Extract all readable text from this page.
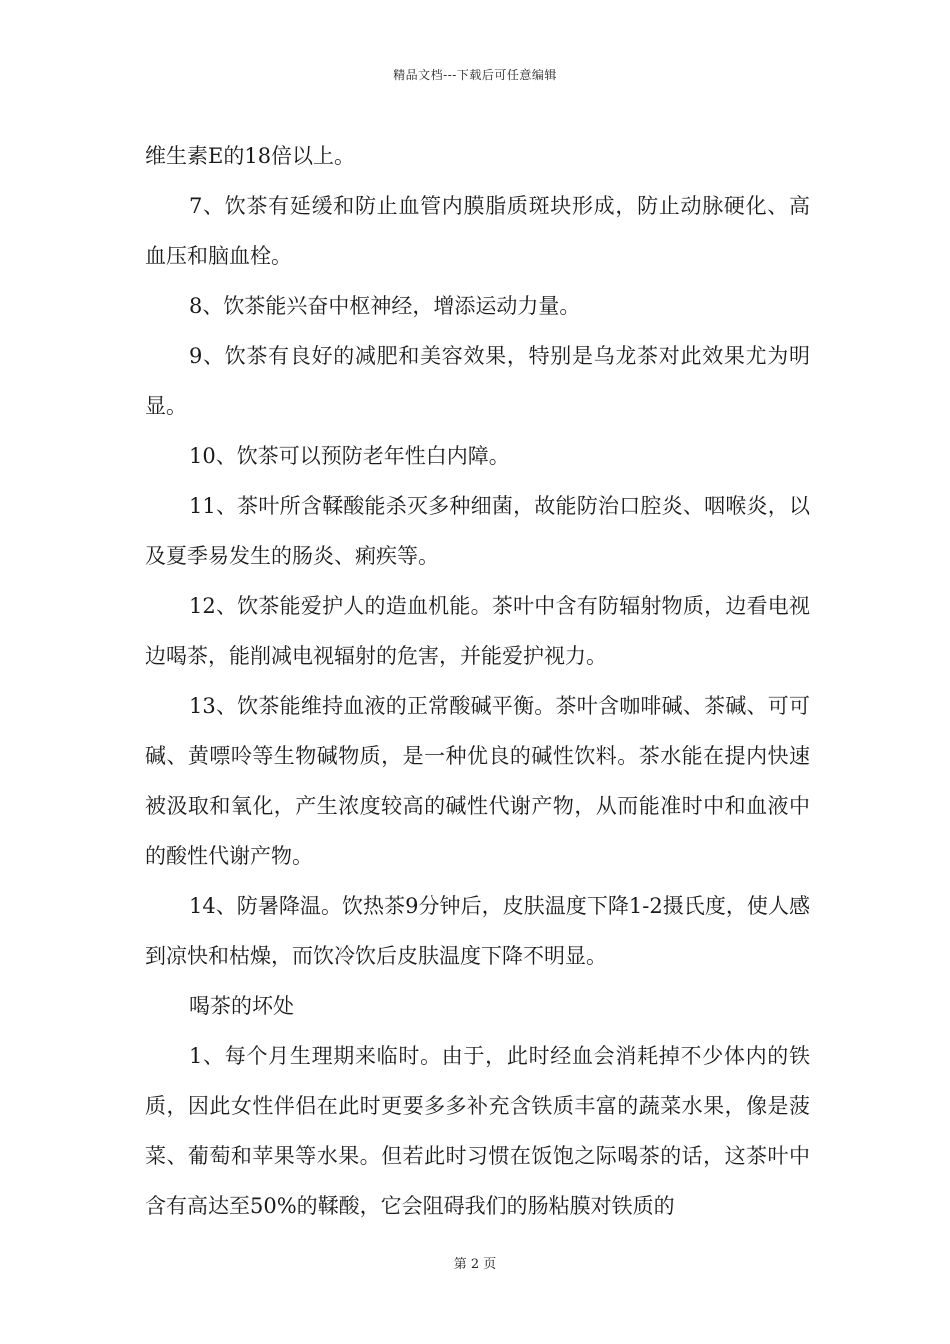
精品文档---下载后可任意编辑

维生素E的18倍以上。

7、饮茶有延缓和防止血管内膜脂质斑块形成，防止动脉硬化、高血压和脑血栓。

8、饮茶能兴奋中枢神经，增添运动力量。

9、饮茶有良好的减肥和美容效果，特别是乌龙茶对此效果尤为明显。

10、饮茶可以预防老年性白内障。

11、茶叶所含鞣酸能杀灭多种细菌，故能防治口腔炎、咽喉炎，以及夏季易发生的肠炎、痢疾等。

12、饮茶能爱护人的造血机能。茶叶中含有防辐射物质，边看电视边喝茶，能削减电视辐射的危害，并能爱护视力。

13、饮茶能维持血液的正常酸碱平衡。茶叶含咖啡碱、茶碱、可可碱、黄嘌呤等生物碱物质，是一种优良的碱性饮料。茶水能在提内快速被汲取和氧化，产生浓度较高的碱性代谢产物，从而能准时中和血液中的酸性代谢产物。

14、防暑降温。饮热茶9分钟后，皮肤温度下降1-2摄氏度，使人感到凉快和枯燥，而饮冷饮后皮肤温度下降不明显。

喝茶的坏处

1、每个月生理期来临时。由于，此时经血会消耗掉不少体内的铁质，因此女性伴侣在此时更要多多补充含铁质丰富的蔬菜水果，像是菠菜、葡萄和苹果等水果。但若此时习惯在饭饱之际喝茶的话，这茶叶中含有高达至50%的鞣酸，它会阻碍我们的肠粘膜对铁质的

第 2 页
